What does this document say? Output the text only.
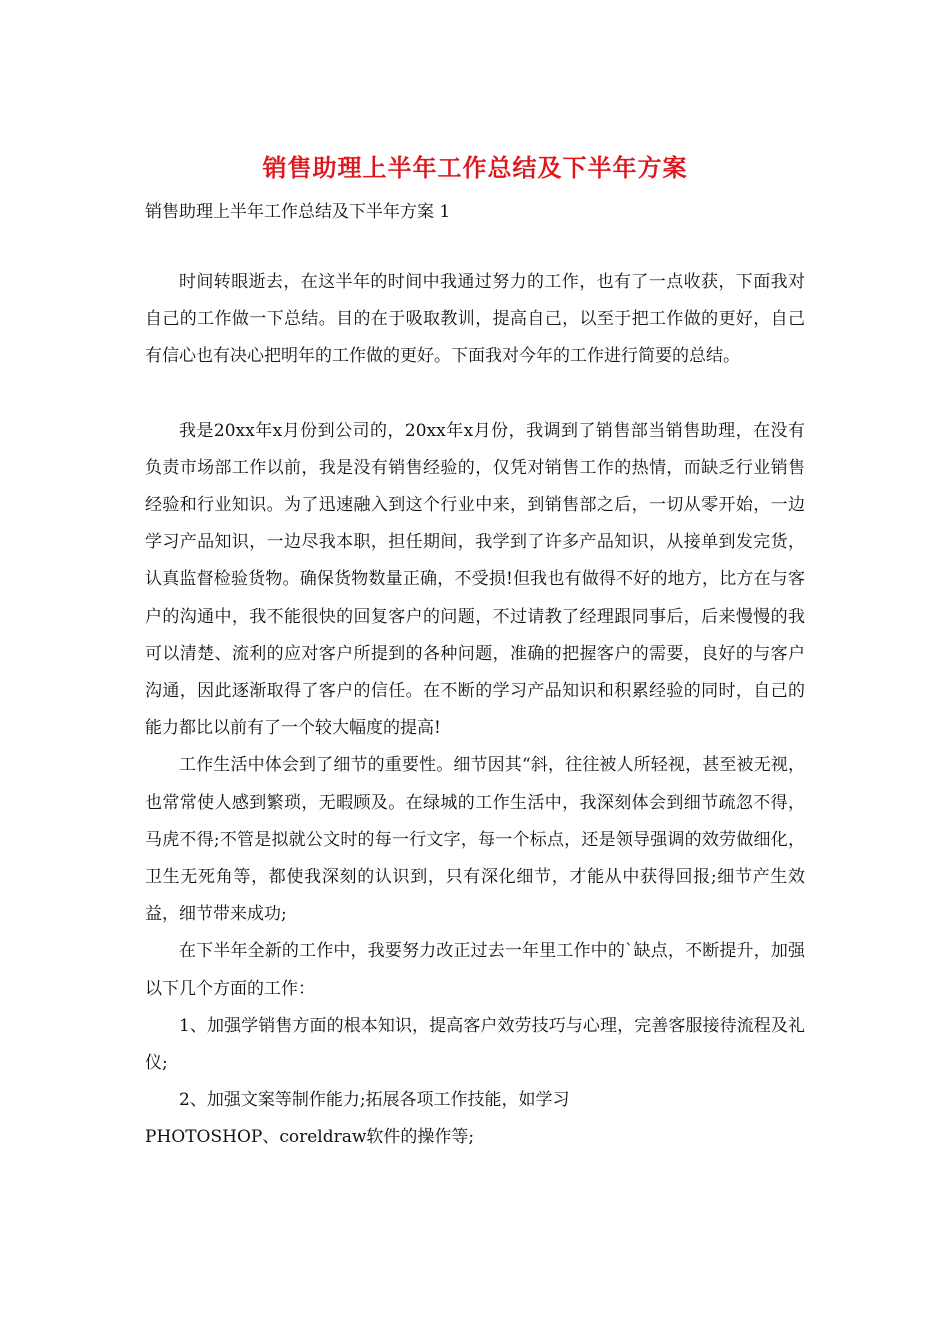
销售助理上半年工作总结及下半年方案
销售助理上半年工作总结及下半年方案 1

时间转眼逝去，在这半年的时间中我通过努力的工作，也有了一点收获，下面我对自己的工作做一下总结。目的在于吸取教训，提高自己，以至于把工作做的更好，自己有信心也有决心把明年的工作做的更好。下面我对今年的工作进行简要的总结。

我是20xx年x月份到公司的，20xx年x月份，我调到了销售部当销售助理，在没有负责市场部工作以前，我是没有销售经验的，仅凭对销售工作的热情，而缺乏行业销售经验和行业知识。为了迅速融入到这个行业中来，到销售部之后，一切从零开始，一边学习产品知识，一边尽我本职，担任期间，我学到了许多产品知识，从接单到发完货，认真监督检验货物。确保货物数量正确，不受损!但我也有做得不好的地方，比方在与客户的沟通中，我不能很快的回复客户的问题，不过请教了经理跟同事后，后来慢慢的我可以清楚、流利的应对客户所提到的各种问题，准确的把握客户的需要，良好的与客户沟通，因此逐渐取得了客户的信任。在不断的学习产品知识和积累经验的同时，自己的能力都比以前有了一个较大幅度的提高!

工作生活中体会到了细节的重要性。细节因其“斜，往往被人所轻视，甚至被无视，也常常使人感到繁琐，无暇顾及。在绿城的工作生活中，我深刻体会到细节疏忽不得，马虎不得;不管是拟就公文时的每一行文字，每一个标点，还是领导强调的效劳做细化，卫生无死角等，都使我深刻的认识到，只有深化细节，才能从中获得回报;细节产生效益，细节带来成功;

在下半年全新的工作中，我要努力改正过去一年里工作中的`缺点，不断提升，加强以下几个方面的工作：

1、加强学销售方面的根本知识，提高客户效劳技巧与心理，完善客服接待流程及礼仪;

2、加强文案等制作能力;拓展各项工作技能，如学习

PHOTOSHOP、coreldraw软件的操作等;
